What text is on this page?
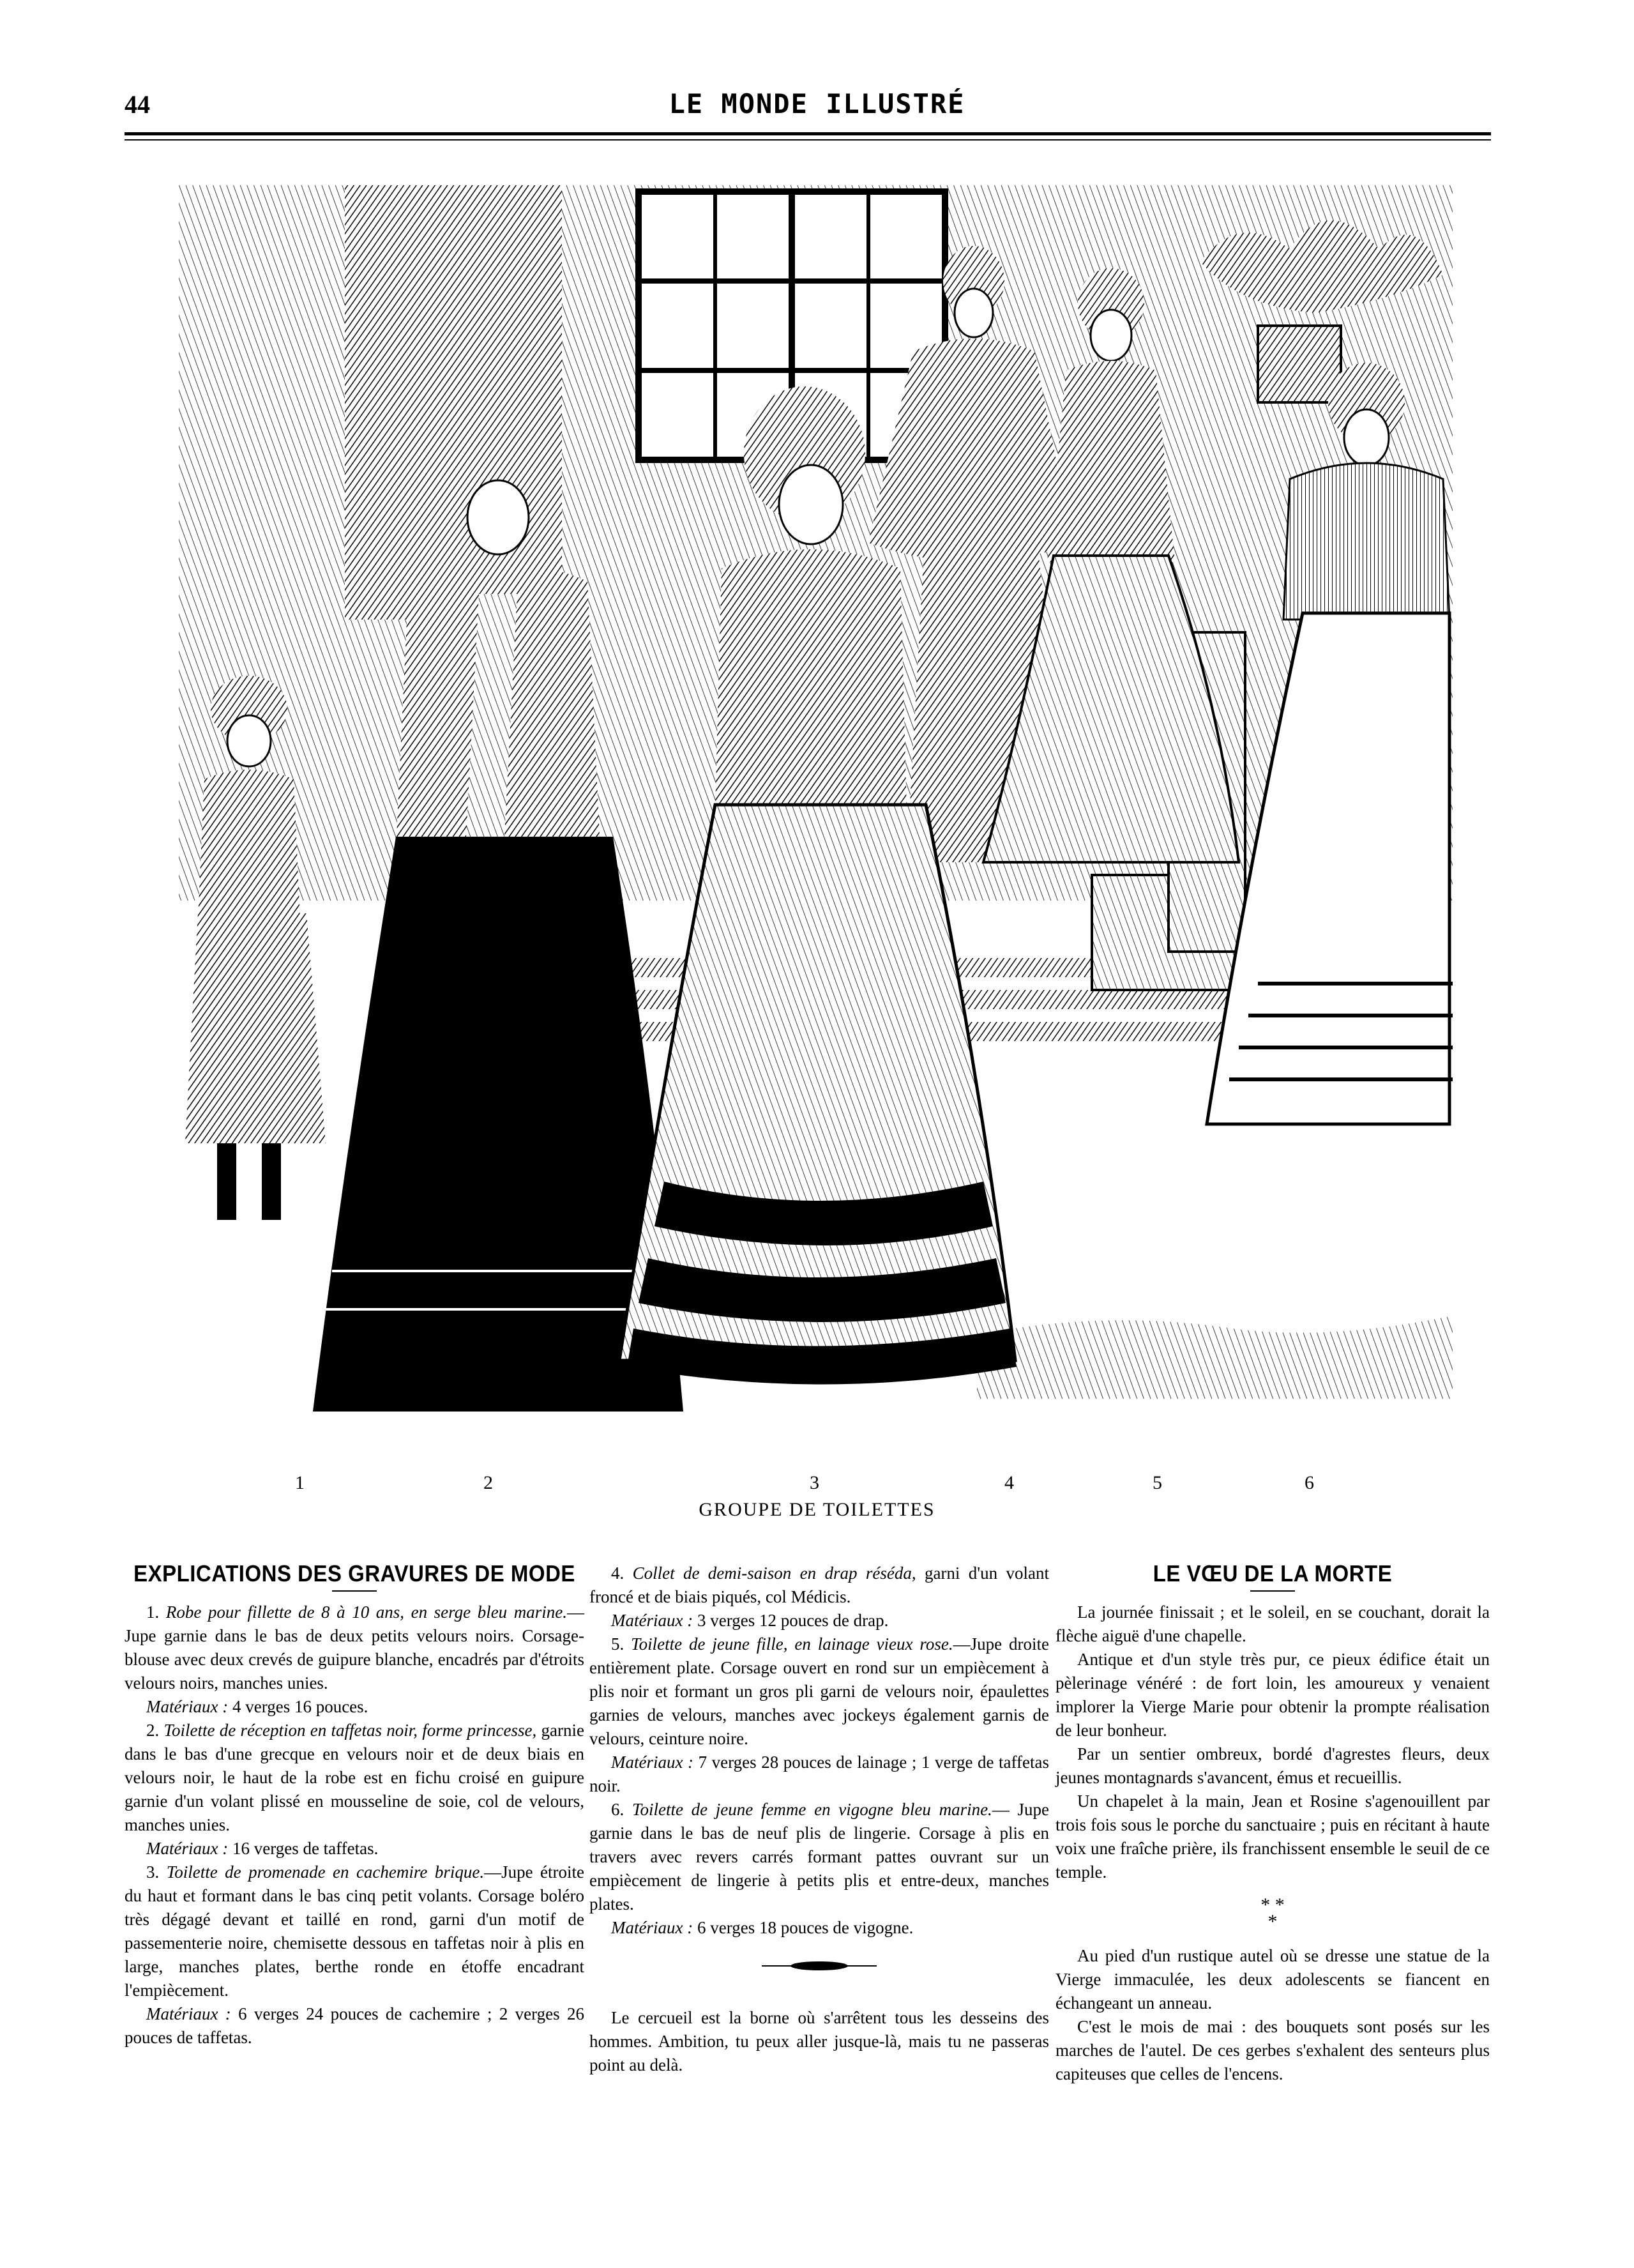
44	LE MONDE ILLUSTRÉ
1	2	3	4	5	6
GROUPE DE TOILETTES
EXPLICATIONS DES GRAVURES DE MODE

1. Robe pour fillette de 8 à 10 ans, en serge bleu marine.—Jupe garnie dans le bas de deux petits velours noirs. Corsage-blouse avec deux crevés de guipure blanche, encadrés par d'étroits velours noirs, manches unies.

Matériaux : 4 verges 16 pouces.

2. Toilette de réception en taffetas noir, forme princesse, garnie dans le bas d'une grecque en velours noir et de deux biais en velours noir, le haut de la robe est en fichu croisé en guipure garnie d'un volant plissé en mousseline de soie, col de velours, manches unies.

Matériaux : 16 verges de taffetas.

3. Toilette de promenade en cachemire brique.—Jupe étroite du haut et formant dans le bas cinq petit volants. Corsage boléro très dégagé devant et taillé en rond, garni d'un motif de passementerie noire, chemisette dessous en taffetas noir à plis en large, manches plates, berthe ronde en étoffe encadrant l'empiècement.

Matériaux : 6 verges 24 pouces de cachemire ; 2 verges 26 pouces de taffetas.

4. Collet de demi-saison en drap réséda, garni d'un volant froncé et de biais piqués, col Médicis.

Matériaux : 3 verges 12 pouces de drap.

5. Toilette de jeune fille, en lainage vieux rose.—Jupe droite entièrement plate. Corsage ouvert en rond sur un empiècement à plis noir et formant un gros pli garni de velours noir, épaulettes garnies de velours, manches avec jockeys également garnis de velours, ceinture noire.

Matériaux : 7 verges 28 pouces de lainage ; 1 verge de taffetas noir.

6. Toilette de jeune femme en vigogne bleu marine.— Jupe garnie dans le bas de neuf plis de lingerie. Corsage à plis en travers avec revers carrés formant pattes ouvrant sur un empiècement de lingerie à petits plis et entre-deux, manches plates.

Matériaux : 6 verges 18 pouces de vigogne.

Le cercueil est la borne où s'arrêtent tous les desseins des hommes. Ambition, tu peux aller jusque-là, mais tu ne passeras point au delà.

LE VŒU DE LA MORTE

La journée finissait ; et le soleil, en se couchant, dorait la flèche aiguë d'une chapelle.

Antique et d'un style très pur, ce pieux édifice était un pèlerinage vénéré : de fort loin, les amoureux y venaient implorer la Vierge Marie pour obtenir la prompte réalisation de leur bonheur.

Par un sentier ombreux, bordé d'agrestes fleurs, deux jeunes montagnards s'avancent, émus et recueillis.

Un chapelet à la main, Jean et Rosine s'agenouillent par trois fois sous le porche du sanctuaire ; puis en récitant à haute voix une fraîche prière, ils franchissent ensemble le seuil de ce temple.

* *
*

Au pied d'un rustique autel où se dresse une statue de la Vierge immaculée, les deux adolescents se fiancent en échangeant un anneau.

C'est le mois de mai : des bouquets sont posés sur les marches de l'autel. De ces gerbes s'exhalent des senteurs plus capiteuses que celles de l'encens.
